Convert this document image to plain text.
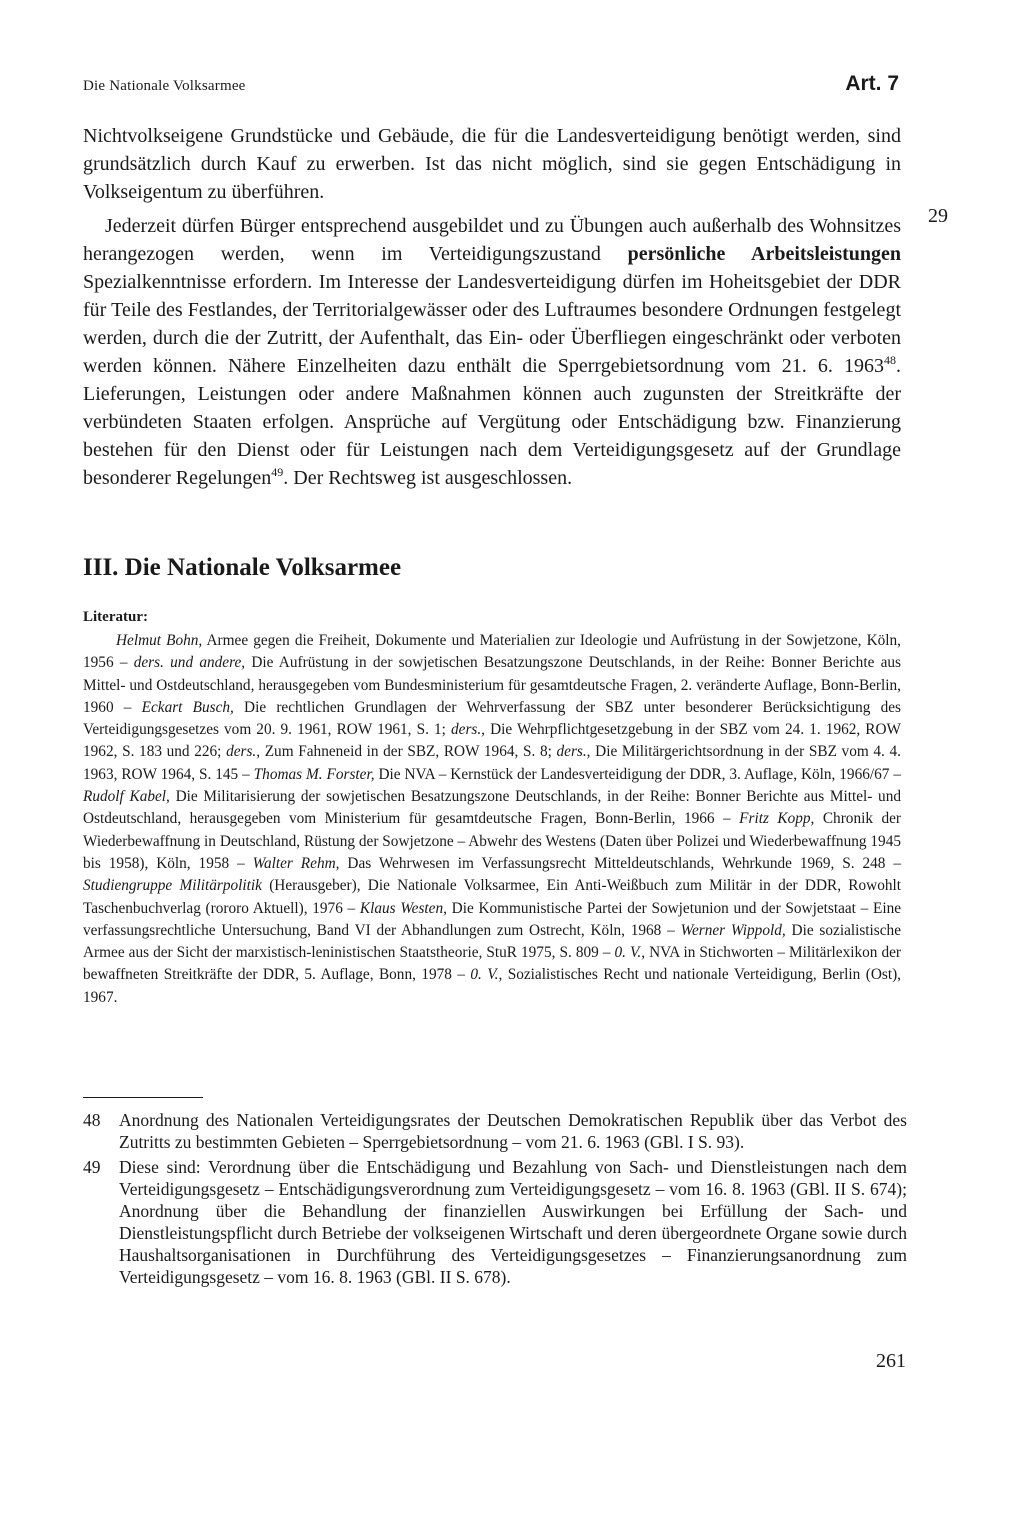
Die Nationale Volksarmee	Art. 7

Nichtvolkseigene Grundstücke und Gebäude, die für die Landesverteidigung benötigt werden, sind grundsätzlich durch Kauf zu erwerben. Ist das nicht möglich, sind sie gegen Entschädigung in Volkseigentum zu überführen.

Jederzeit dürfen Bürger entsprechend ausgebildet und zu Übungen auch außerhalb des Wohnsitzes herangezogen werden, wenn im Verteidigungszustand persönliche Arbeitsleistungen Spezialkenntnisse erfordern. Im Interesse der Landesverteidigung dürfen im Hoheitsgebiet der DDR für Teile des Festlandes, der Territorialgewässer oder des Luftraumes besondere Ordnungen festgelegt werden, durch die der Zutritt, der Aufenthalt, das Ein- oder Überfliegen eingeschränkt oder verboten werden können. Nähere Einzelheiten dazu enthält die Sperrgebietsordnung vom 21. 6. 1963$^{48}$. Lieferungen, Leistungen oder andere Maßnahmen können auch zugunsten der Streitkräfte der verbündeten Staaten erfolgen. Ansprüche auf Vergütung oder Entschädigung bzw. Finanzierung bestehen für den Dienst oder für Leistungen nach dem Verteidigungsgesetz auf der Grundlage besonderer Regelungen$^{49}$. Der Rechtsweg ist ausgeschlossen.

29
III. Die Nationale Volksarmee
Literatur:

Helmut Bohn, Armee gegen die Freiheit, Dokumente und Materialien zur Ideologie und Aufrüstung in der Sowjetzone, Köln, 1956 – ders. und andere, Die Aufrüstung in der sowjetischen Besatzungszone Deutschlands, in der Reihe: Bonner Berichte aus Mittel- und Ostdeutschland, herausgegeben vom Bundesministerium für gesamtdeutsche Fragen, 2. veränderte Auflage, Bonn-Berlin, 1960 – Eckart Busch, Die rechtlichen Grundlagen der Wehrverfassung der SBZ unter besonderer Berücksichtigung des Verteidigungsgesetzes vom 20. 9. 1961, ROW 1961, S. 1; ders., Die Wehrpflichtgesetzgebung in der SBZ vom 24. 1. 1962, ROW 1962, S. 183 und 226; ders., Zum Fahneneid in der SBZ, ROW 1964, S. 8; ders., Die Militärgerichtsordnung in der SBZ vom 4. 4. 1963, ROW 1964, S. 145 – Thomas M. Forster, Die NVA – Kernstück der Landesverteidigung der DDR, 3. Auflage, Köln, 1966/67 – Rudolf Kabel, Die Militarisierung der sowjetischen Besatzungszone Deutschlands, in der Reihe: Bonner Berichte aus Mittel- und Ostdeutschland, herausgegeben vom Ministerium für gesamtdeutsche Fragen, Bonn-Berlin, 1966 – Fritz Kopp, Chronik der Wiederbewaffnung in Deutschland, Rüstung der Sowjetzone – Abwehr des Westens (Daten über Polizei und Wiederbewaffnung 1945 bis 1958), Köln, 1958 – Walter Rehm, Das Wehrwesen im Verfassungsrecht Mitteldeutschlands, Wehrkunde 1969, S. 248 – Studiengruppe Militärpolitik (Herausgeber), Die Nationale Volksarmee, Ein Anti-Weißbuch zum Militär in der DDR, Rowohlt Taschenbuchverlag (rororo Aktuell), 1976 – Klaus Westen, Die Kommunistische Partei der Sowjetunion und der Sowjetstaat – Eine verfassungsrechtliche Untersuchung, Band VI der Abhandlungen zum Ostrecht, Köln, 1968 – Werner Wippold, Die sozialistische Armee aus der Sicht der marxistisch-leninistischen Staatstheorie, StuR 1975, S. 809 – 0. V., NVA in Stichworten – Militärlexikon der bewaffneten Streitkräfte der DDR, 5. Auflage, Bonn, 1978 – 0. V., Sozialistisches Recht und nationale Verteidigung, Berlin (Ost), 1967.

48 Anordnung des Nationalen Verteidigungsrates der Deutschen Demokratischen Republik über das Verbot des Zutritts zu bestimmten Gebieten – Sperrgebietsordnung – vom 21. 6. 1963 (GBl. I S. 93).

49 Diese sind: Verordnung über die Entschädigung und Bezahlung von Sach- und Dienstleistungen nach dem Verteidigungsgesetz – Entschädigungsverordnung zum Verteidigungsgesetz – vom 16. 8. 1963 (GBl. II S. 674); Anordnung über die Behandlung der finanziellen Auswirkungen bei Erfüllung der Sach- und Dienstleistungspflicht durch Betriebe der volkseigenen Wirtschaft und deren übergeordnete Organe sowie durch Haushaltsorganisationen in Durchführung des Verteidigungsgesetzes – Finanzierungsanordnung zum Verteidigungsgesetz – vom 16. 8. 1963 (GBl. II S. 678).

261
